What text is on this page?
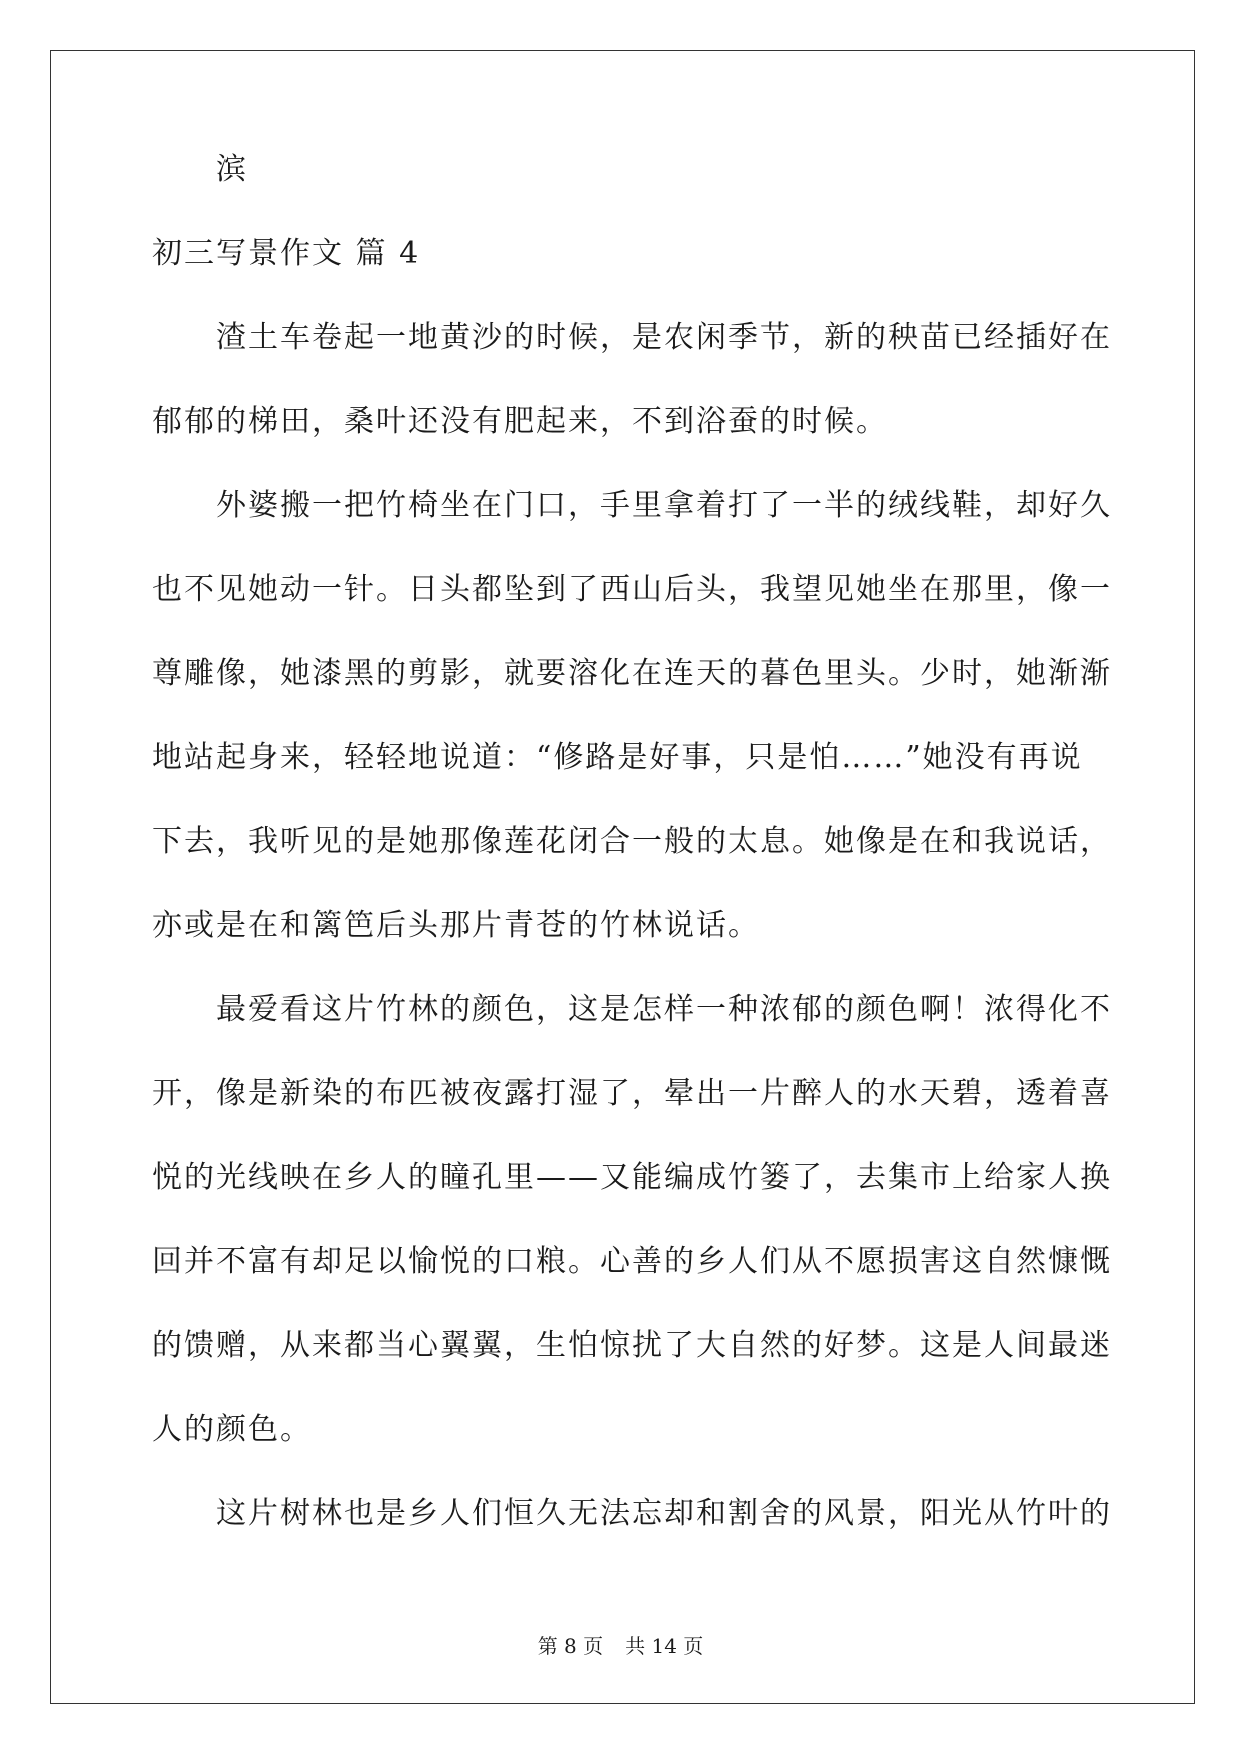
滨
初三写景作文 篇 4
渣土车卷起一地黄沙的时候，是农闲季节，新的秧苗已经插好在
郁郁的梯田，桑叶还没有肥起来，不到浴蚕的时候。
外婆搬一把竹椅坐在门口，手里拿着打了一半的绒线鞋，却好久
也不见她动一针。日头都坠到了西山后头，我望见她坐在那里，像一
尊雕像，她漆黑的剪影，就要溶化在连天的暮色里头。少时，她渐渐
地站起身来，轻轻地说道：“修路是好事，只是怕……”她没有再说
下去，我听见的是她那像莲花闭合一般的太息。她像是在和我说话，
亦或是在和篱笆后头那片青苍的竹林说话。
最爱看这片竹林的颜色，这是怎样一种浓郁的颜色啊！浓得化不
开，像是新染的布匹被夜露打湿了，晕出一片醉人的水天碧，透着喜
悦的光线映在乡人的瞳孔里——又能编成竹篓了，去集市上给家人换
回并不富有却足以愉悦的口粮。心善的乡人们从不愿损害这自然慷慨
的馈赠，从来都当心翼翼，生怕惊扰了大自然的好梦。这是人间最迷
人的颜色。
这片树林也是乡人们恒久无法忘却和割舍的风景，阳光从竹叶的
第 8 页 共 14 页
